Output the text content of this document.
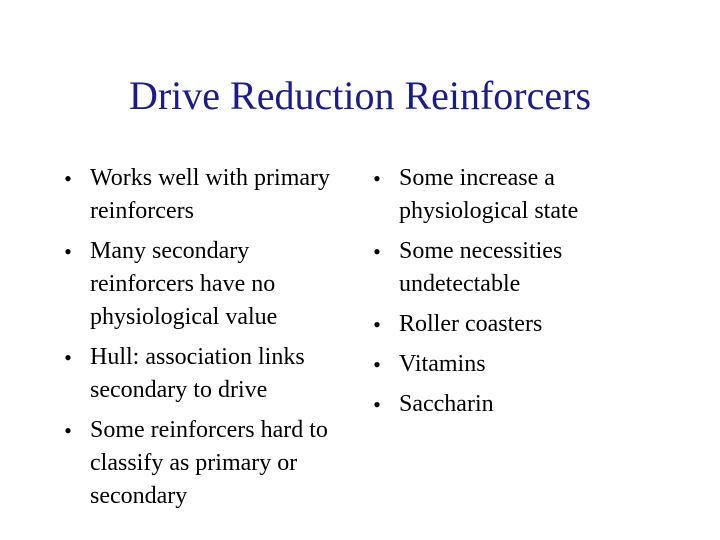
Drive Reduction Reinforcers
• Works well with primary reinforcers
• Many secondary reinforcers have no physiological value
• Hull: association links secondary to drive
• Some reinforcers hard to classify as primary or secondary
• Some increase a physiological state
• Some necessities undetectable
• Roller coasters
• Vitamins
• Saccharin
